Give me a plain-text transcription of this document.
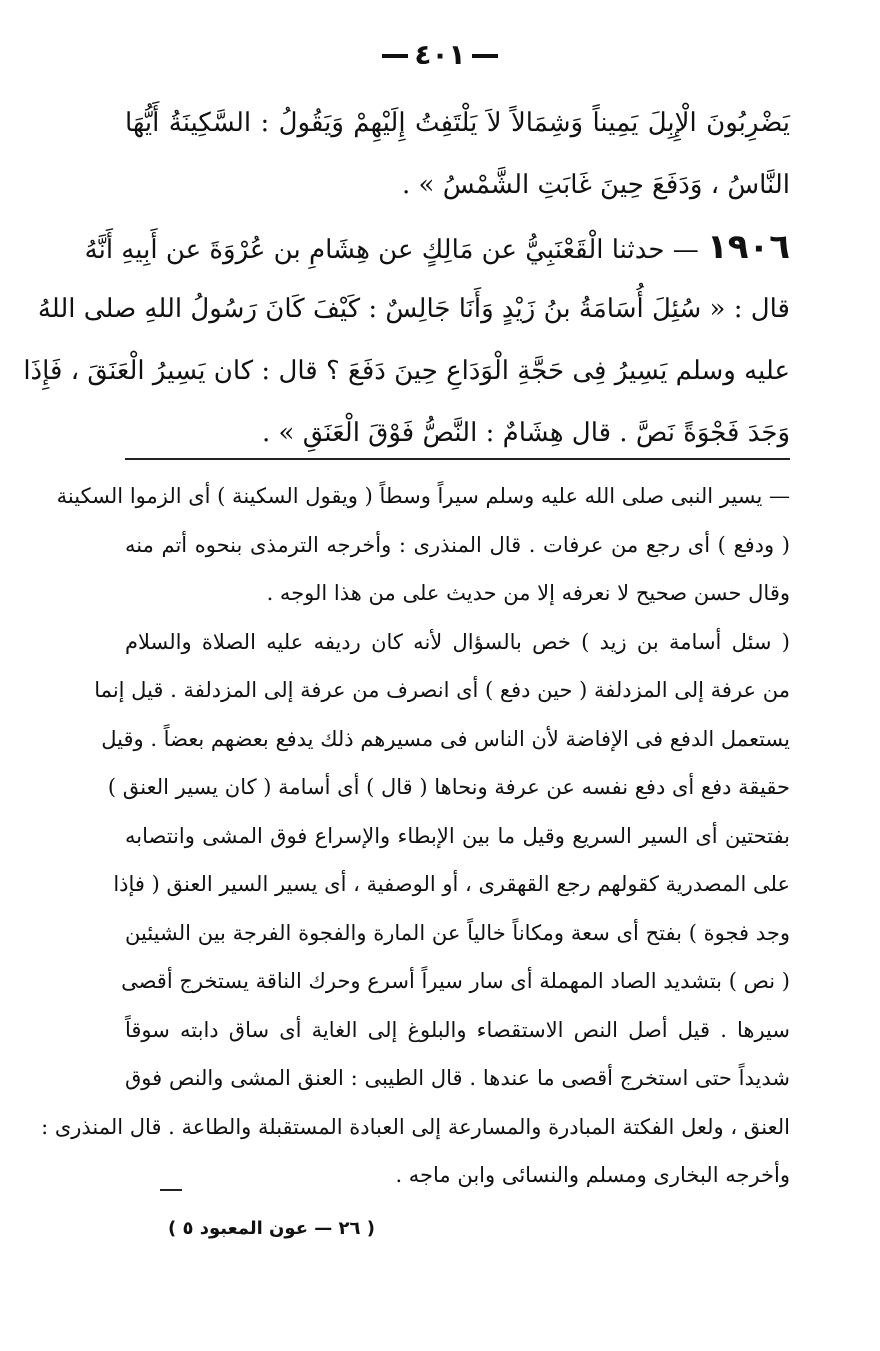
٤٠١
يَضْرِبُونَ الْإِبِلَ يَمِيناً وَشِمَالاً لاَ يَلْتَفِتُ إِلَيْهِمْ وَيَقُولُ : السَّكِينَةُ أَيُّهَا
النَّاسُ ، وَدَفَعَ حِينَ غَابَتِ الشَّمْسُ » .
١٩٠٦ — حدثنا الْقَعْنَبِيُّ عن مَالِكٍ عن هِشَامِ بن عُرْوَةَ عن أَبِيهِ أَنَّهُ
قال : « سُئِلَ أُسَامَةُ بنُ زَيْدٍ وَأَنَا جَالِسٌ : كَيْفَ كَانَ رَسُولُ اللهِ صلى اللهُ
عليه وسلم يَسِيرُ فِى حَجَّةِ الْوَدَاعِ حِينَ دَفَعَ ؟ قال : كان يَسِيرُ الْعَنَقَ ، فَإِذَا
وَجَدَ فَجْوَةً نَصَّ . قال هِشَامٌ : النَّصُّ فَوْقَ الْعَنَقِ » .
— يسير النبى صلى الله عليه وسلم سيراً وسطاً ( ويقول السكينة ) أى الزموا السكينة
( ودفع ) أى رجع من عرفات . قال المنذرى : وأخرجه الترمذى بنحوه أتم منه
وقال حسن صحيح لا نعرفه إلا من حديث على من هذا الوجه .
( سئل أسامة بن زيد ) خص بالسؤال لأنه كان رديفه عليه الصلاة والسلام
من عرفة إلى المزدلفة ( حين دفع ) أى انصرف من عرفة إلى المزدلفة . قيل إنما
يستعمل الدفع فى الإفاضة لأن الناس فى مسيرهم ذلك يدفع بعضهم بعضاً . وقيل
حقيقة دفع أى دفع نفسه عن عرفة ونحاها ( قال ) أى أسامة ( كان يسير العنق )
بفتحتين أى السير السريع وقيل ما بين الإبطاء والإسراع فوق المشى وانتصابه
على المصدرية كقولهم رجع القهقرى ، أو الوصفية ، أى يسير السير العنق ( فإذا
وجد فجوة ) بفتح أى سعة ومكاناً خالياً عن المارة والفجوة الفرجة بين الشيئين
( نص ) بتشديد الصاد المهملة أى سار سيراً أسرع وحرك الناقة يستخرج أقصى
سيرها . قيل أصل النص الاستقصاء والبلوغ إلى الغاية أى ساق دابته سوقاً
شديداً حتى استخرج أقصى ما عندها . قال الطيبى : العنق المشى والنص فوق
العنق ، ولعل الفكتة المبادرة والمسارعة إلى العبادة المستقبلة والطاعة . قال المنذرى :
وأخرجه البخارى ومسلم والنسائى وابن ماجه .
( ٢٦ — عون المعبود ٥ )
